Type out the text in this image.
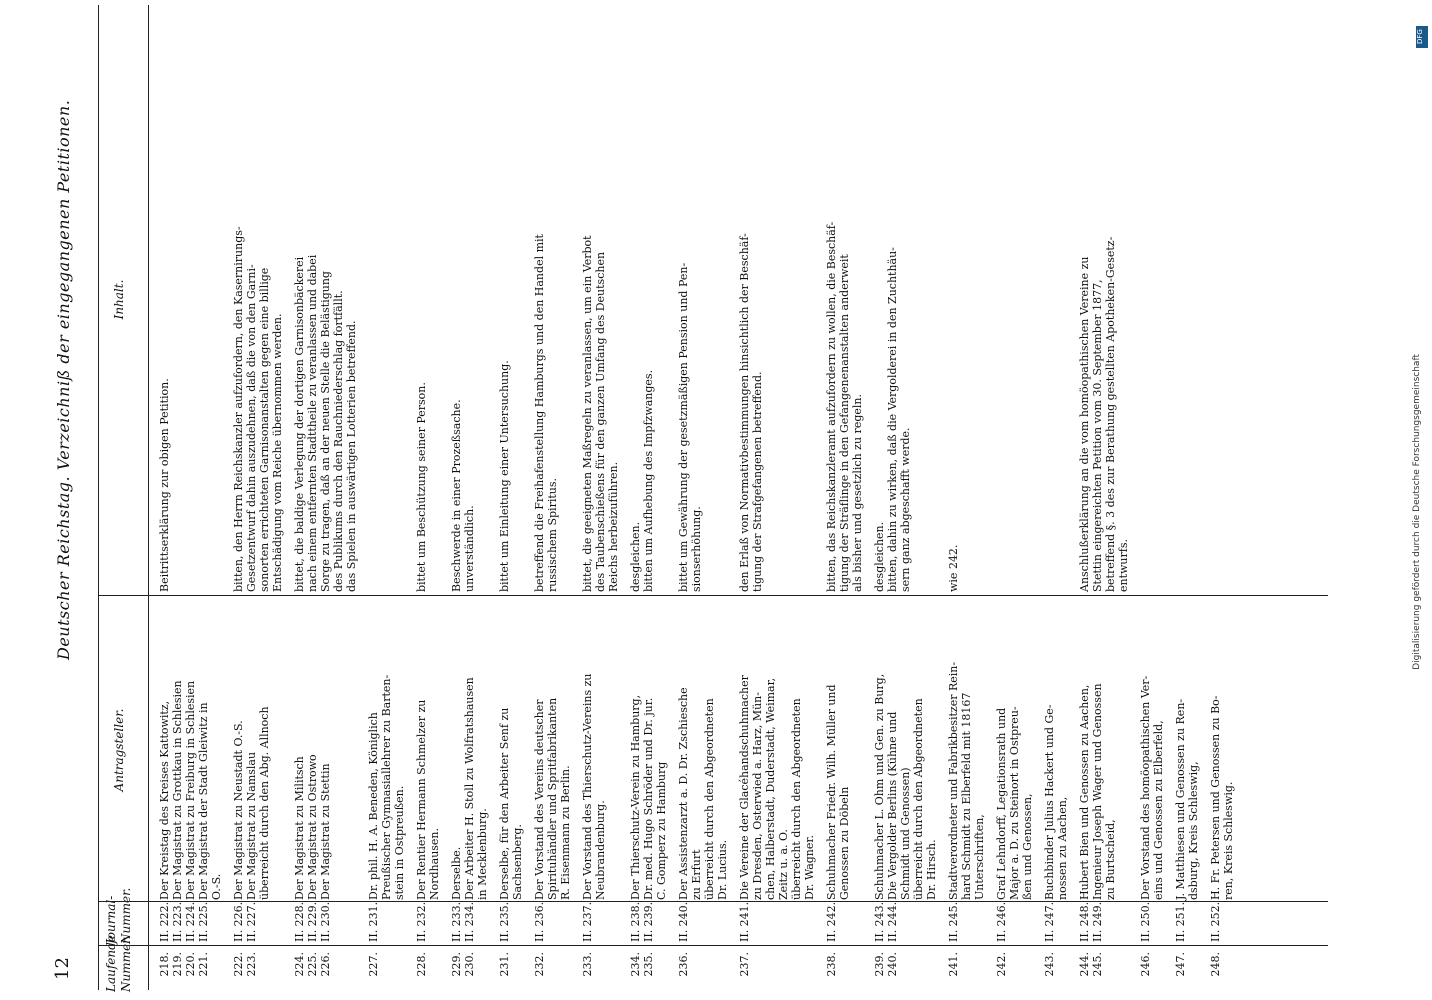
12
Deutscher Reichstag. Verzeichniß der eingegangenen Petitionen.
Laufende Nummer.
Journal- Nummer.
Antragsteller.
Inhalt.
218. 219. 220. 221.
II. 222. II. 223. II. 224. II. 225.
Der Kreistag des Kreises Kattowitz, Der Magistrat zu Grottkau in Schlesien Der Magistrat zu Freiburg in Schlesien Der Magistrat der Stadt Gleiwitz in O.-S.
Beitrittserklärung zur obigen Petition.
222. 223.
II. 226. II. 227.
Der Magistrat zu Neustadt O.-S. Der Magistrat zu Namslau überreicht durch den Abg. Allnoch
bitten, den Herrn Reichskanzler aufzufordern, den Kasernirungs- Gesetzentwurf dahin auszudehnen, daß die von den Garni- sonorten errichteten Garnisonanstalten gegen eine billige Entschädigung vom Reiche übernommen werden.
224. 225. 226.
II. 228. II. 229. II. 230.
Der Magistrat zu Militsch Der Magistrat zu Ostrowo Der Magistrat zu Stettin
bittet, die baldige Verlegung der dortigen Garnisonbäckerei nach einem entfernten Stadttheile zu veranlassen und dabei Sorge zu tragen, daß an der neuen Stelle die Belästigung des Publikums durch den Rauchniederschlag fortfällt. das Spielen in auswärtigen Lotterien betreffend.
227.
II. 231.
Dr. phil. H. A. Beneden, Königlich Preußischer Gymnasiallehrer zu Barten- stein in Ostpreußen.
228.
II. 232.
Der Rentier Hermann Schmelzer zu Nordhausen.
bittet um Beschützung seiner Person.
229. 230.
II. 233. II. 234.
Derselbe. Der Arbeiter H. Stoll zu Wolfratshausen in Mecklenburg.
Beschwerde in einer Prozeßsache. unverständlich.
231.
II. 235.
Derselbe, für den Arbeiter Senf zu Sachsenberg.
bittet um Einleitung einer Untersuchung.
232.
II. 236.
Der Vorstand des Vereins deutscher Spirituhändler und Spritfabrikanten R. Eisenmann zu Berlin.
betreffend die Freihafenstellung Hamburgs und den Handel mit russischem Spiritus.
233.
II. 237.
Der Vorstand des Thierschutz-Vereins zu Neubrandenburg.
bittet, die geeigneten Maßregeln zu veranlassen, um ein Verbot des Taubenschießens für den ganzen Umfang des Deutschen Reichs herbeizuführen.
234. 235.
II. 238. II. 239.
Der Thierschutz-Verein zu Hamburg, Dr. med. Hugo Schröder und Dr. jur. C. Gomperz zu Hamburg
desgleichen. bitten um Aufhebung des Impfzwanges.
236.
II. 240.
Der Assistenzarzt a. D. Dr. Zschiesche zu Erfurt überreicht durch den Abgeordneten Dr. Lucius.
bittet um Gewährung der gesetzmäßigen Pension und Pen- sionserhöhung.
237.
II. 241.
Die Vereine der Glacéhandschuhmacher zu Dresden, Osterwied a. Harz, Mün- chen, Halberstadt, Duderstadt, Weimar, Zeitz u. a. O. überreicht durch den Abgeordneten Dr. Wagner.
den Erlaß von Normativbestimmungen hinsichtlich der Beschäf- tigung der Strafgefangenen betreffend.
238.
II. 242.
Schuhmacher Friedr. Wilh. Müller und Genossen zu Döbeln
bitten, das Reichskanzleramt aufzufordern zu wollen, die Beschäf- tigung der Sträflinge in den Gefangenenanstalten anderweit als bisher und gesetzlich zu regeln.
239. 240.
II. 243. II. 244.
Schuhmacher L. Ohm und Gen. zu Burg, Die Vergolder Berlins (Kühne und Schmidt und Genossen) überreicht durch den Abgeordneten Dr. Hirsch.
desgleichen. bitten, dahin zu wirken, daß die Vergolderei in den Zuchthäu- sern ganz abgeschafft werde.
241.
II. 245.
Stadtverordneter und Fabrikbesitzer Rein- hard Schmidt zu Elberfeld mit 18167 Unterschriften,
wie 242.
242.
II. 246.
Graf Lehndorff, Legationsrath und Major a. D. zu Steinort in Ostpreu- ßen und Genossen,
243.
II. 247.
Buchbinder Julius Hackert und Ge- nossen zu Aachen,
244. 245.
II. 248. II. 249.
Hubert Bien und Genossen zu Aachen, Ingenieur Joseph Wager und Genossen zu Burtscheid,
Anschlußerklärung an die vom homöopathischen Vereine zu Stettin eingereichten Petition vom 30. September 1877, betreffend §. 3 des zur Berathung gestellten Apotheken-Gesetz- entwurfs.
246.
II. 250.
Der Vorstand des homöopathischen Ver- eins und Genossen zu Elberfeld,
247.
II. 251.
J. Matthiesen und Genossen zu Ren- dsburg, Kreis Schleswig,
248.
II. 252.
H. Fr. Petersen und Genossen zu Bo- ren, Kreis Schleswig.
Digitalisierung gefördert durch die Deutsche Forschungsgemeinschaft
DFG
